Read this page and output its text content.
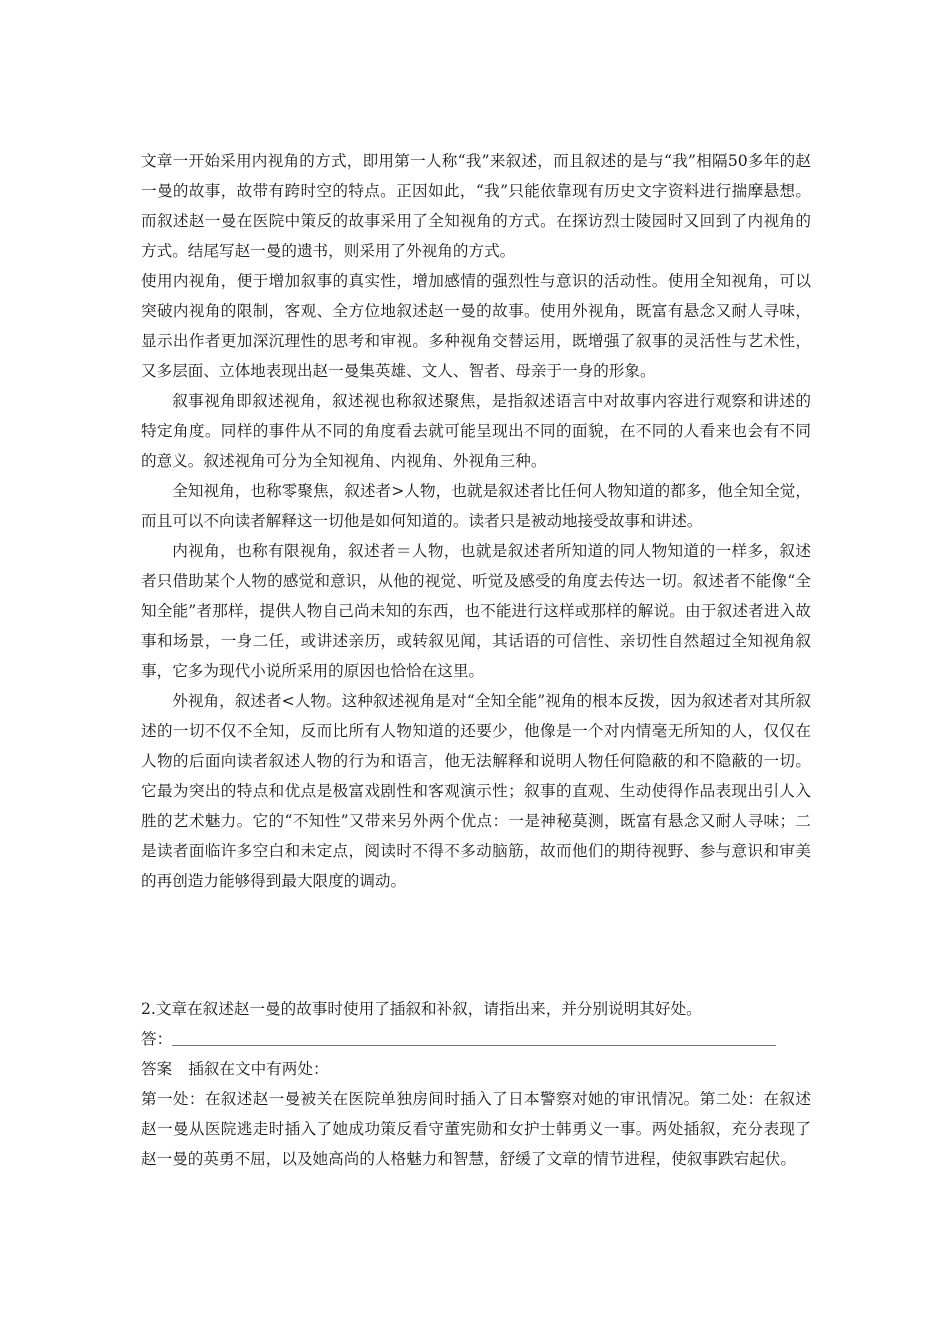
文章一开始采用内视角的方式，即用第一人称“我”来叙述，而且叙述的是与“我”相隔50多年的赵一曼的故事，故带有跨时空的特点。正因如此，“我”只能依靠现有历史文字资料进行揣摩悬想。而叙述赵一曼在医院中策反的故事采用了全知视角的方式。在探访烈士陵园时又回到了内视角的方式。结尾写赵一曼的遗书，则采用了外视角的方式。

使用内视角，便于增加叙事的真实性，增加感情的强烈性与意识的活动性。使用全知视角，可以突破内视角的限制，客观、全方位地叙述赵一曼的故事。使用外视角，既富有悬念又耐人寻味，显示出作者更加深沉理性的思考和审视。多种视角交替运用，既增强了叙事的灵活性与艺术性，又多层面、立体地表现出赵一曼集英雄、文人、智者、母亲于一身的形象。

叙事视角即叙述视角，叙述视也称叙述聚焦，是指叙述语言中对故事内容进行观察和讲述的特定角度。同样的事件从不同的角度看去就可能呈现出不同的面貌，在不同的人看来也会有不同的意义。叙述视角可分为全知视角、内视角、外视角三种。

全知视角，也称零聚焦，叙述者>人物，也就是叙述者比任何人物知道的都多，他全知全觉，而且可以不向读者解释这一切他是如何知道的。读者只是被动地接受故事和讲述。

内视角，也称有限视角，叙述者＝人物，也就是叙述者所知道的同人物知道的一样多，叙述者只借助某个人物的感觉和意识，从他的视觉、听觉及感受的角度去传达一切。叙述者不能像“全知全能”者那样，提供人物自己尚未知的东西，也不能进行这样或那样的解说。由于叙述者进入故事和场景，一身二任，或讲述亲历，或转叙见闻，其话语的可信性、亲切性自然超过全知视角叙事，它多为现代小说所采用的原因也恰恰在这里。

外视角，叙述者<人物。这种叙述视角是对“全知全能”视角的根本反拨，因为叙述者对其所叙述的一切不仅不全知，反而比所有人物知道的还要少，他像是一个对内情毫无所知的人，仅仅在人物的后面向读者叙述人物的行为和语言，他无法解释和说明人物任何隐蔽的和不隐蔽的一切。它最为突出的特点和优点是极富戏剧性和客观演示性；叙事的直观、生动使得作品表现出引人入胜的艺术魅力。它的“不知性”又带来另外两个优点：一是神秘莫测，既富有悬念又耐人寻味；二是读者面临许多空白和未定点，阅读时不得不多动脑筋，故而他们的期待视野、参与意识和审美的再创造力能够得到最大限度的调动。

2.文章在叙述赵一曼的故事时使用了插叙和补叙，请指出来，并分别说明其好处。

答：

答案 插叙在文中有两处：

第一处：在叙述赵一曼被关在医院单独房间时插入了日本警察对她的审讯情况。第二处：在叙述赵一曼从医院逃走时插入了她成功策反看守董宪勋和女护士韩勇义一事。两处插叙，充分表现了赵一曼的英勇不屈，以及她高尚的人格魅力和智慧，舒缓了文章的情节进程，使叙事跌宕起伏。
